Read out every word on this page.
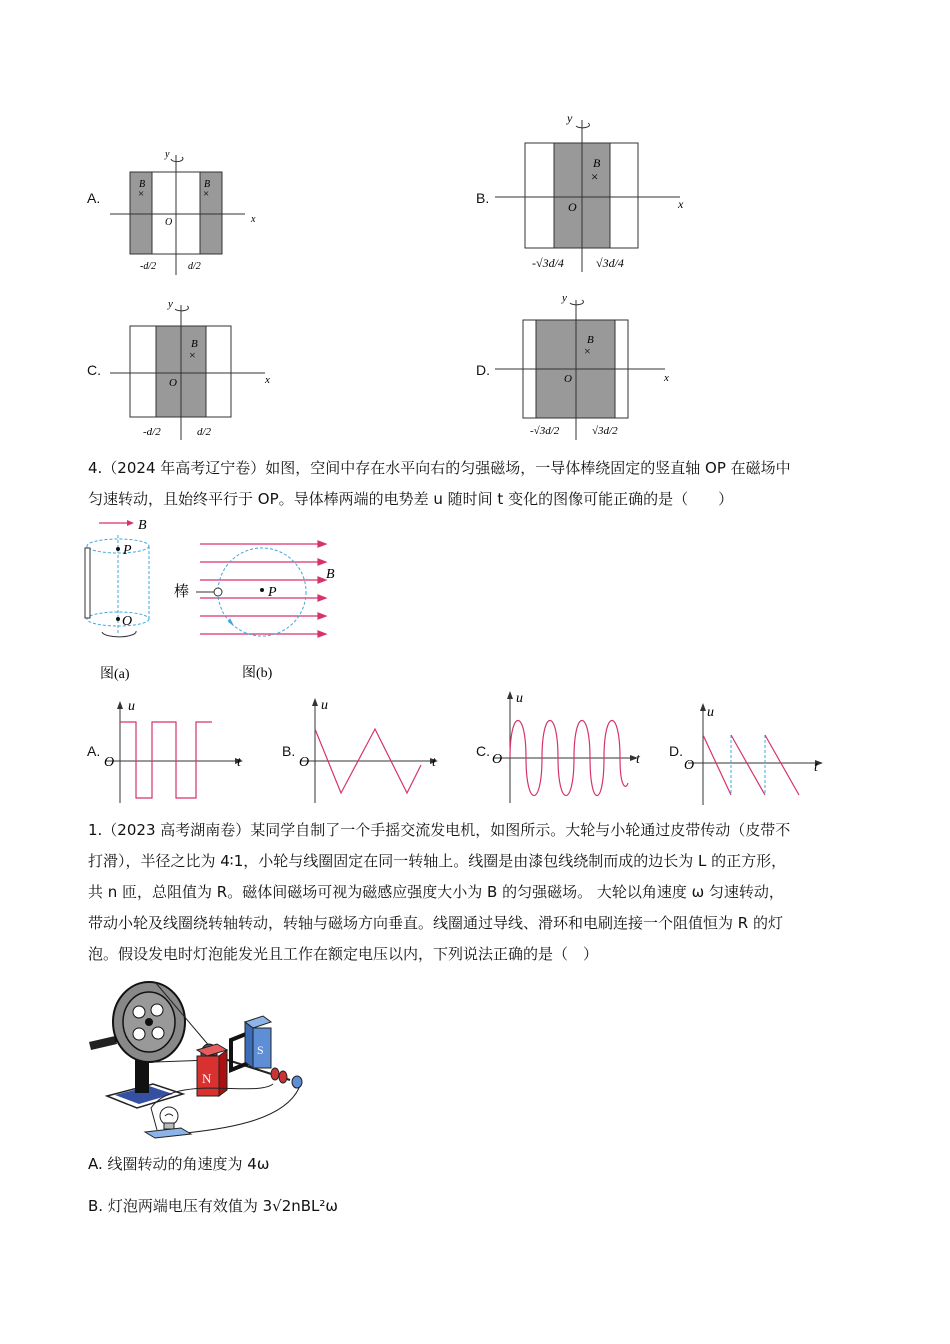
A.
y
x
O
B
×
B
×
-d/2	d/2
B.
y
x
O
B
×
-√3d/4	√3d/4
C.
y
x
O
B
×
-d/2	d/2
D.
y
x
O
B
×
-√3d/2	√3d/2

4.（2024 年高考辽宁卷）如图，空间中存在水平向右的匀强磁场，一导体棒绕固定的竖直轴 OP 在磁场中

匀速转动，且始终平行于 OP。导体棒两端的电势差 u 随时间 t 变化的图像可能正确的是（　　）

B
P
O
图(a)
B
P
棒
图(b)
A.
u
t
O
B.
u
t
O
C.
u
t
O
D.
u
t
O

1.（2023 高考湖南卷）某同学自制了一个手摇交流发电机，如图所示。大轮与小轮通过皮带传动（皮带不

打滑），半径之比为 4∶1，小轮与线圈固定在同一转轴上。线圈是由漆包线绕制而成的边长为 L 的正方形，

共 n 匝，总阻值为 R。磁体间磁场可视为磁感应强度大小为 B 的匀强磁场。 大轮以角速度 ω 匀速转动，

带动小轮及线圈绕转轴转动，转轴与磁场方向垂直。线圈通过导线、滑环和电刷连接一个阻值恒为 R 的灯

泡。假设发电时灯泡能发光且工作在额定电压以内，下列说法正确的是（　）

N
S

A. 线圈转动的角速度为 4ω

B. 灯泡两端电压有效值为 3√2nBL²ω
